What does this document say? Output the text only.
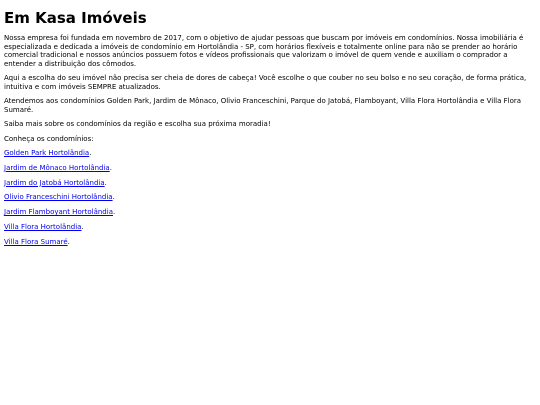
Em Kasa Imóveis

Nossa empresa foi fundada em novembro de 2017, com o objetivo de ajudar pessoas que buscam por imóveis em condomínios. Nossa imobiliária é especializada e dedicada a imóveis de condomínio em Hortolândia - SP, com horários flexíveis e totalmente online para não se prender ao horário comercial tradicional e nossos anúncios possuem fotos e vídeos profissionais que valorizam o imóvel de quem vende e auxiliam o comprador a entender a distribuição dos cômodos.

Aqui a escolha do seu imóvel não precisa ser cheia de dores de cabeça! Você escolhe o que couber no seu bolso e no seu coração, de forma prática, intuitiva e com imóveis SEMPRE atualizados.

Atendemos aos condomínios Golden Park, Jardim de Mônaco, Olivio Franceschini, Parque do Jatobá, Flamboyant, Villa Flora Hortolândia e Villa Flora Sumaré.

Saiba mais sobre os condomínios da região e escolha sua próxima moradia!

Conheça os condomínios:

Golden Park Hortolândia.

Jardim de Mônaco Hortolândia.

Jardim do Jatobá Hortolândia.

Olivio Franceschini Hortolândia.

Jardim Flamboyant Hortolândia.

Villa Flora Hortolândia.

Villa Flora Sumaré.
